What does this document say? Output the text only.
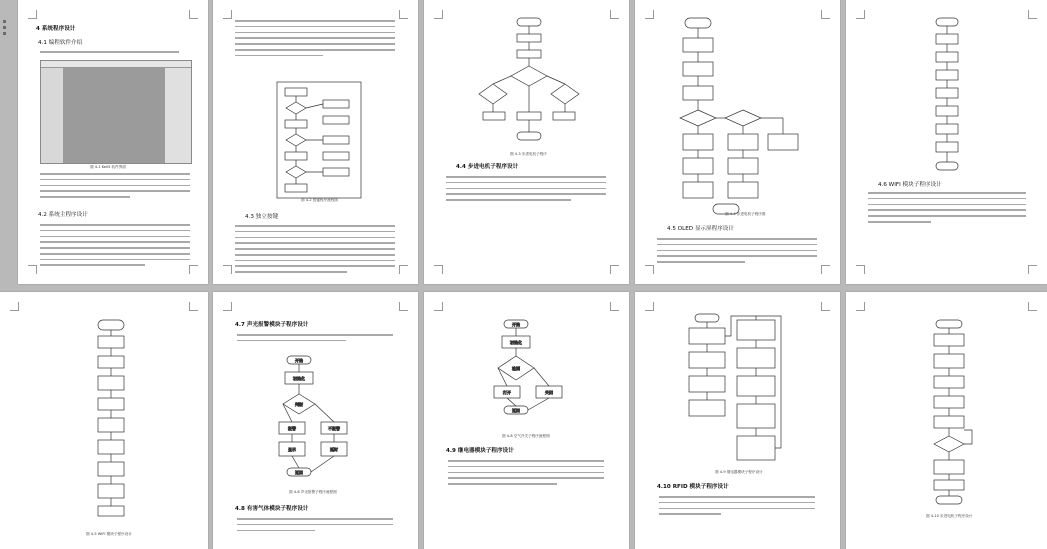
4 系统程序设计
4.1 编程软件介绍
图 4-1 Keil5 软件界面
4.2 系统主程序设计
图 4-2 按键程序流程图
4.3 独立按键
图 4-3 步进电机子程序
4.4 步进电机子程序设计
图 4-4 步进电机子程序图
4.5 OLED 显示屏程序设计
4.6 WIFI 模块子程序设计
图 4-5 WIFI 模块子程序设计
4.7 声光报警模块子程序设计
开始
初始化
判断
报警	不报警
显示	延时
返回
图 4-6 声光报警子程序流程图
4.8 有害气体模块子程序设计
开始
初始化
检测
打开	关闭
返回
图 4-8 空气开关子程序流程图
4.9 继电器模块子程序设计
图 4-9 继电器模块子程序设计
4.10 RFID 模块子程序设计
图 4-10 步进电机子程序设计
